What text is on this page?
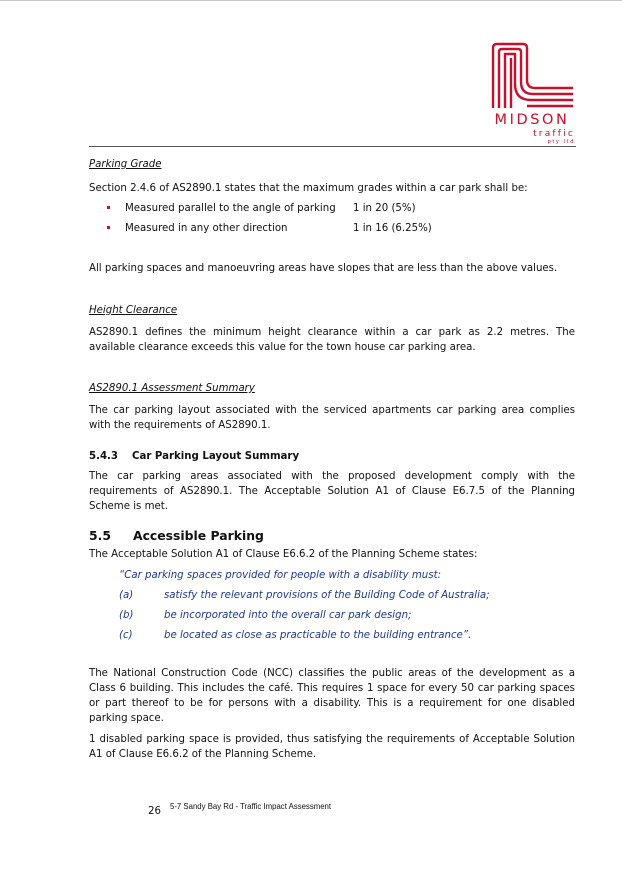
MIDSON
traffic
pty ltd

Parking Grade

Section 2.4.6 of AS2890.1 states that the maximum grades within a car park shall be:

Measured parallel to the angle of parking 1 in 20 (5%)
Measured in any other direction	1 in 16 (6.25%)

All parking spaces and manoeuvring areas have slopes that are less than the above values.

Height Clearance

AS2890.1 defines the minimum height clearance within a car park as 2.2 metres. The available clearance exceeds this value for the town house car parking area.

AS2890.1 Assessment Summary

The car parking layout associated with the serviced apartments car parking area complies with the requirements of AS2890.1.

5.4.3 Car Parking Layout Summary

The car parking areas associated with the proposed development comply with the requirements of AS2890.1. The Acceptable Solution A1 of Clause E6.7.5 of the Planning Scheme is met.

5.5 Accessible Parking

The Acceptable Solution A1 of Clause E6.6.2 of the Planning Scheme states:

“Car parking spaces provided for people with a disability must:

(a)	satisfy the relevant provisions of the Building Code of Australia;
(b)	be incorporated into the overall car park design;
(c)	be located as close as practicable to the building entrance”.

The National Construction Code (NCC) classifies the public areas of the development as a Class 6 building. This includes the café. This requires 1 space for every 50 car parking spaces or part thereof to be for persons with a disability. This is a requirement for one disabled parking space.

1 disabled parking space is provided, thus satisfying the requirements of Acceptable Solution A1 of Clause E6.6.2 of the Planning Scheme.

26 5-7 Sandy Bay Rd - Traffic Impact Assessment
